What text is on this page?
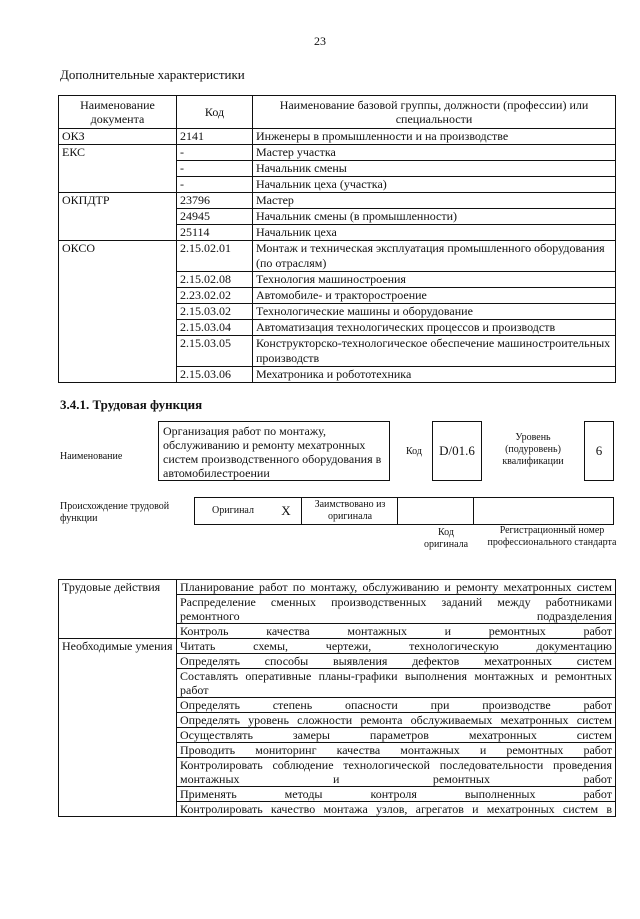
23
Дополнительные характеристики
Наименование документа	Код	Наименование базовой группы, должности (профессии) или специальности
ОКЗ	2141	Инженеры в промышленности и на производстве
ЕКС	-	Мастер участка
	-	Начальник смены
	-	Начальник цеха (участка)
ОКПДТР	23796	Мастер
	24945	Начальник смены (в промышленности)
	25114	Начальник цеха
ОКСО	2.15.02.01	Монтаж и техническая эксплуатация промышленного оборудования (по отраслям)
	2.15.02.08	Технология машиностроения
	2.23.02.02	Автомобиле- и тракторостроение
	2.15.03.02	Технологические машины и оборудование
	2.15.03.04	Автоматизация технологических процессов и производств
	2.15.03.05	Конструкторско-технологическое обеспечение машиностроительных производств
	2.15.03.06	Мехатроника и робототехника
3.4.1. Трудовая функция
Наименование
Организация работ по монтажу, обслуживанию и ремонту мехатронных систем производственного оборудования в автомобилестроении
Код	D/01.6
Уровень (подуровень) квалификации
6
Происхождение трудовой функции
Оригинал	X	Заимствовано из оригинала
Код оригинала
Регистрационный номер профессионального стандарта
Трудовые действия	Планирование работ по монтажу, обслуживанию и ремонту мехатронных систем
	Распределение сменных производственных заданий между работниками ремонтного подразделения
	Контроль качества монтажных и ремонтных работ
Необходимые умения	Читать схемы, чертежи, технологическую документацию
	Определять способы выявления дефектов мехатронных систем
	Составлять оперативные планы-графики выполнения монтажных и ремонтных работ
	Определять степень опасности при производстве работ
	Определять уровень сложности ремонта обслуживаемых мехатронных систем
	Осуществлять замеры параметров мехатронных систем
	Проводить мониторинг качества монтажных и ремонтных работ
	Контролировать соблюдение технологической последовательности проведения монтажных и ремонтных работ
	Применять методы контроля выполненных работ
	Контролировать качество монтажа узлов, агрегатов и мехатронных систем в
